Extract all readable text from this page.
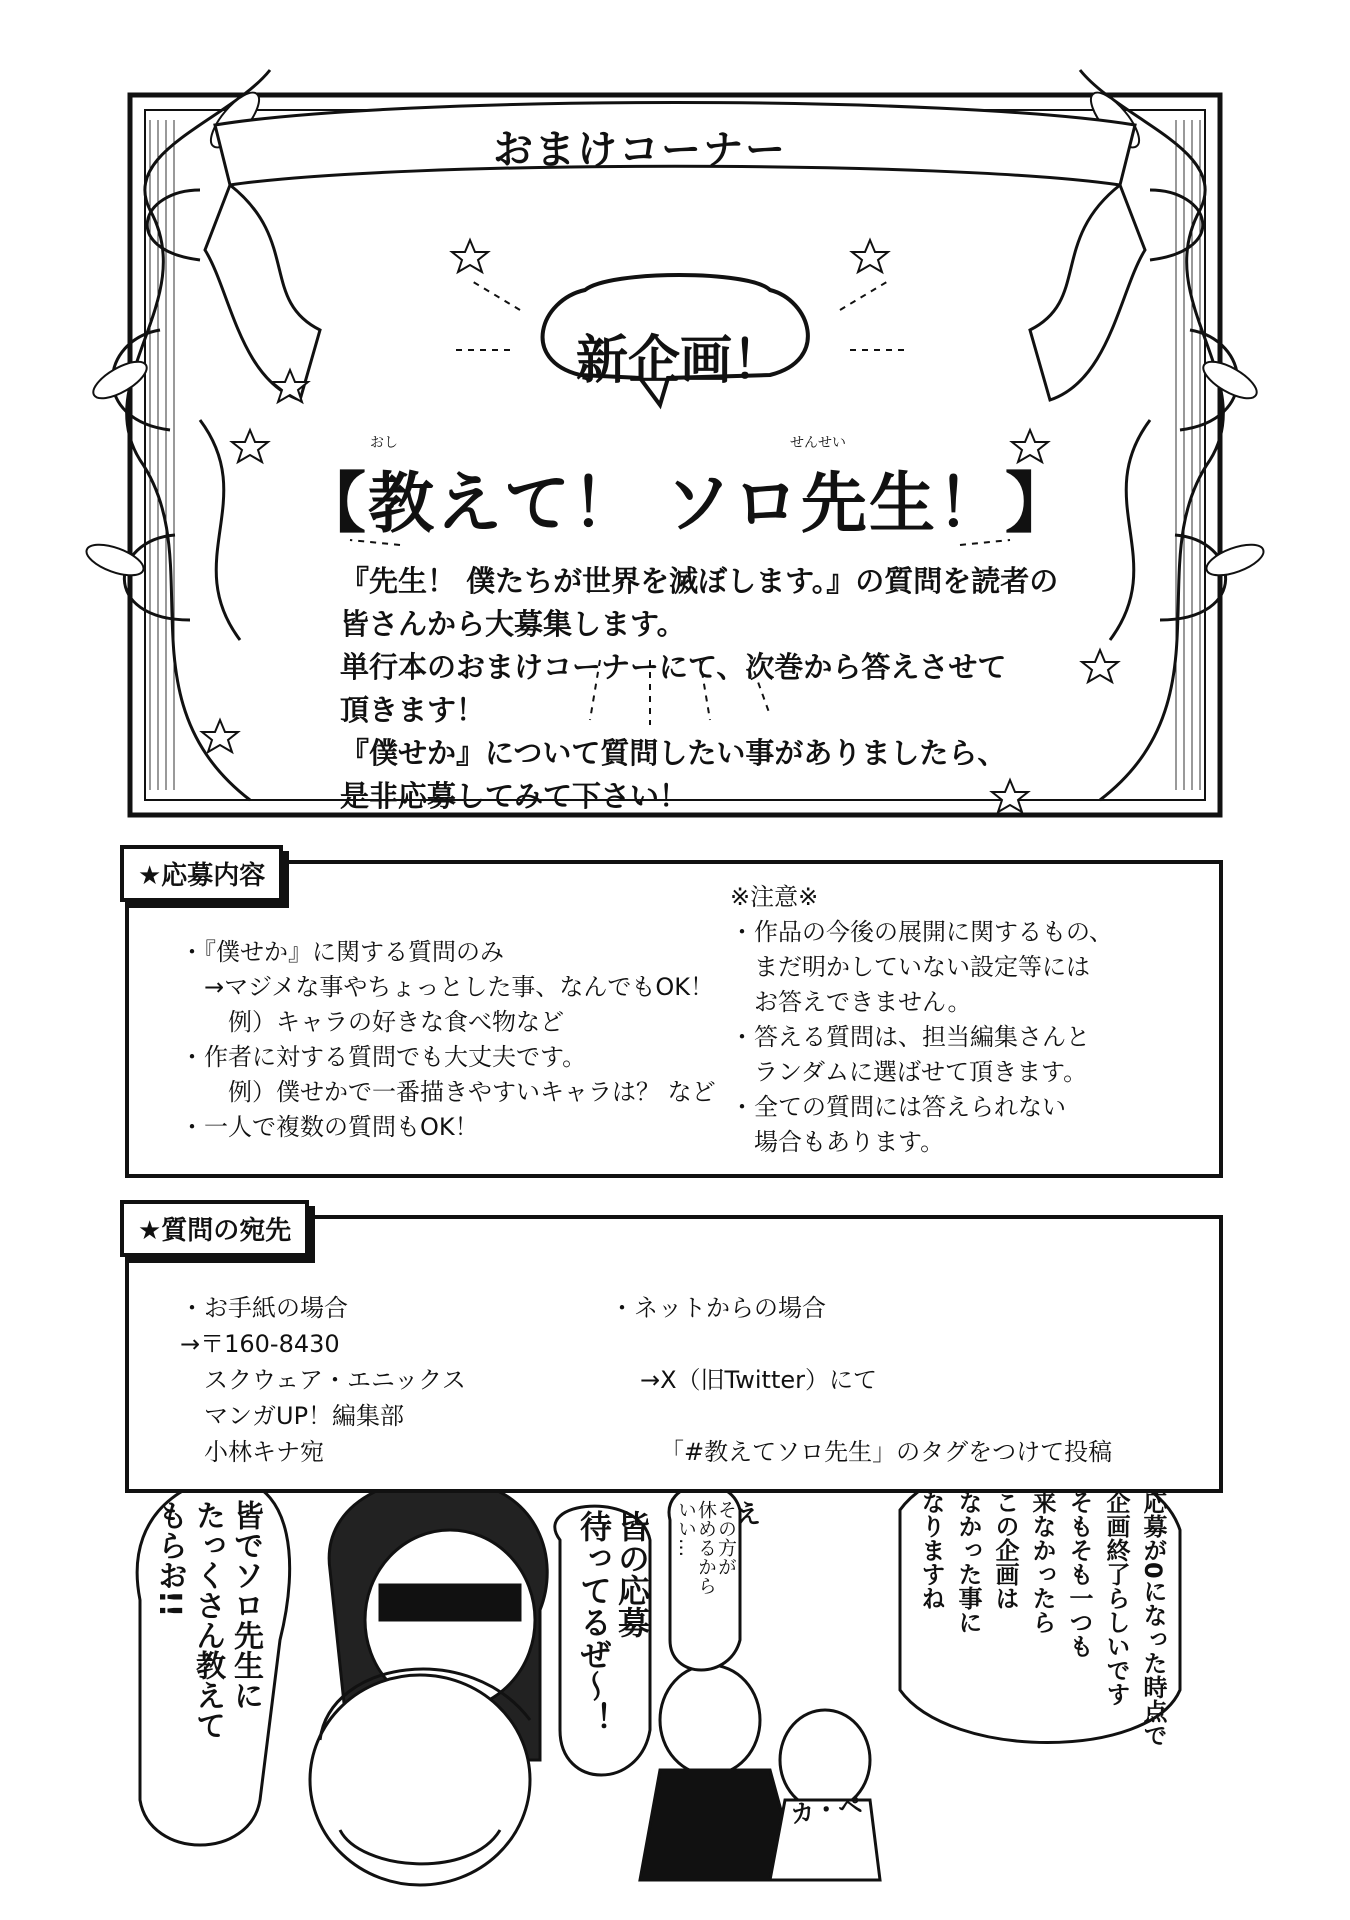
おまけコーナー
新企画！
おし	せんせい
【教えて！ ソロ先生！】
『先生！ 僕たちが世界を滅ぼします。』の質問を読者の
皆さんから大募集します。
単行本のおまけコーナーにて、次巻から答えさせて
頂きます！
『僕せか』について質問したい事がありましたら、
是非応募してみて下さい！
★応募内容
・『僕せか』に関する質問のみ
　→マジメな事やちょっとした事、なんでもOK！
　　例）キャラの好きな食べ物など
・作者に対する質問でも大丈夫です。
　　例）僕せかで一番描きやすいキャラは？ など
・一人で複数の質問もOK！
※注意※
・作品の今後の展開に関するもの、
　まだ明かしていない設定等には
　お答えできません。
・答える質問は、担当編集さんと
　ランダムに選ばせて頂きます。
・全ての質問には答えられない
　場合もあります。
★質問の宛先
・お手紙の場合
→〒160-8430
　スクウェア・エニックス
　マンガUP！編集部
　小林キナ宛
・ネットからの場合
→X（旧Twitter）にて
「#教えてソロ先生」のタグをつけて投稿
皆でソロ先生に
たっくさん教えて
もらお!!	皆の応募
待ってるぜ〜！	え
その方が
休めるから
いい…	応募が0になった時点で
企画終了らしいです
そもそも一つも
来なかったら
この企画は
なかった事に
なりますね
カ・ペ
